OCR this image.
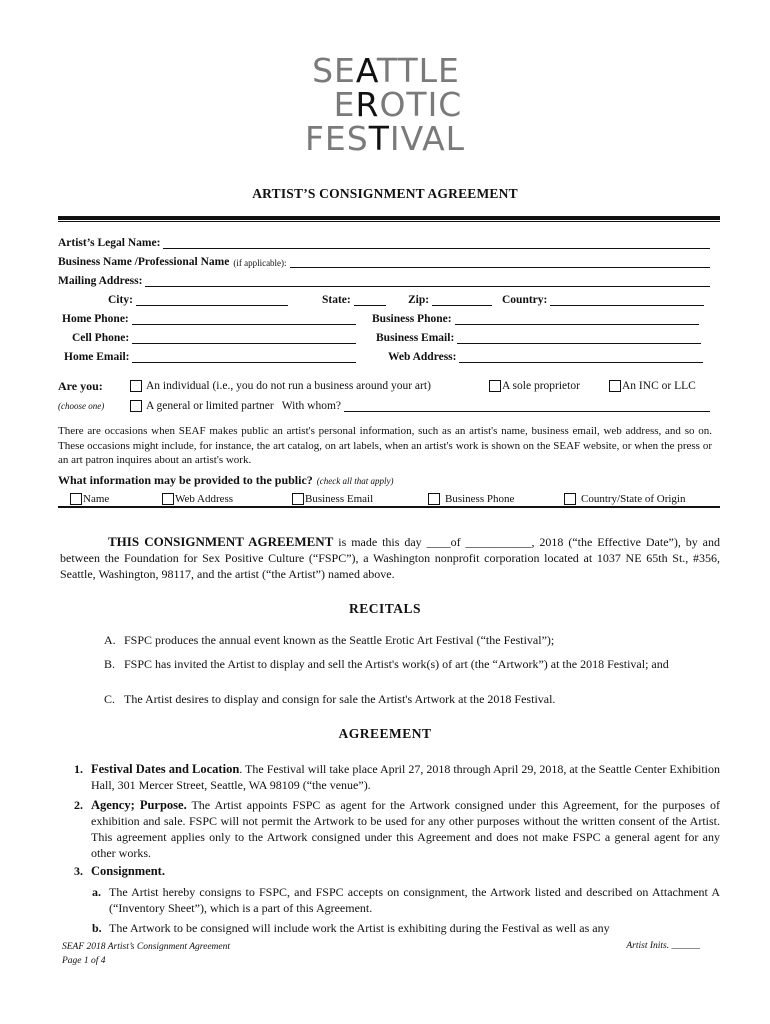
SEATTLE
EROTIC
FESTIVAL
ARTIST’S CONSIGNMENT AGREEMENT
Artist’s Legal Name:
Business Name /Professional Name (if applicable):
Mailing Address:
City:	State:	Zip:	Country:
Home Phone:	Business Phone:
Cell Phone:	Business Email:
Home Email:	Web Address:
Are you:	An individual (i.e., you do not run a business around your art)	A sole proprietor	An INC or LLC
(choose one)	A general or limited partner With whom?
There are occasions when SEAF makes public an artist's personal information, such as an artist's name, business email, web address, and so on. These occasions might include, for instance, the art catalog, on art labels, when an artist's work is shown on the SEAF website, or when the press or an art patron inquires about an artist's work.
What information may be provided to the public? (check all that apply)
Name	Web Address	Business Email	Business Phone	Country/State of Origin
THIS CONSIGNMENT AGREEMENT is made this day ____of ___________, 2018 (“the Effective Date”), by and between the Foundation for Sex Positive Culture (“FSPC”), a Washington nonprofit corporation located at 1037 NE 65th St., #356, Seattle, Washington, 98117, and the artist (“the Artist”) named above.
RECITALS
A. FSPC produces the annual event known as the Seattle Erotic Art Festival (“the Festival”);
B. FSPC has invited the Artist to display and sell the Artist's work(s) of art (the “Artwork”) at the 2018 Festival; and
C. The Artist desires to display and consign for sale the Artist's Artwork at the 2018 Festival.
AGREEMENT
1. Festival Dates and Location. The Festival will take place April 27, 2018 through April 29, 2018, at the Seattle Center Exhibition Hall, 301 Mercer Street, Seattle, WA 98109 (“the venue”).
2. Agency; Purpose. The Artist appoints FSPC as agent for the Artwork consigned under this Agreement, for the purposes of exhibition and sale. FSPC will not permit the Artwork to be used for any other purposes without the written consent of the Artist. This agreement applies only to the Artwork consigned under this Agreement and does not make FSPC a general agent for any other works.
3. Consignment.
a. The Artist hereby consigns to FSPC, and FSPC accepts on consignment, the Artwork listed and described on Attachment A (“Inventory Sheet”), which is a part of this Agreement.
b. The Artwork to be consigned will include work the Artist is exhibiting during the Festival as well as any
SEAF 2018 Artist’s Consignment Agreement
Page 1 of 4
Artist Inits. ______
